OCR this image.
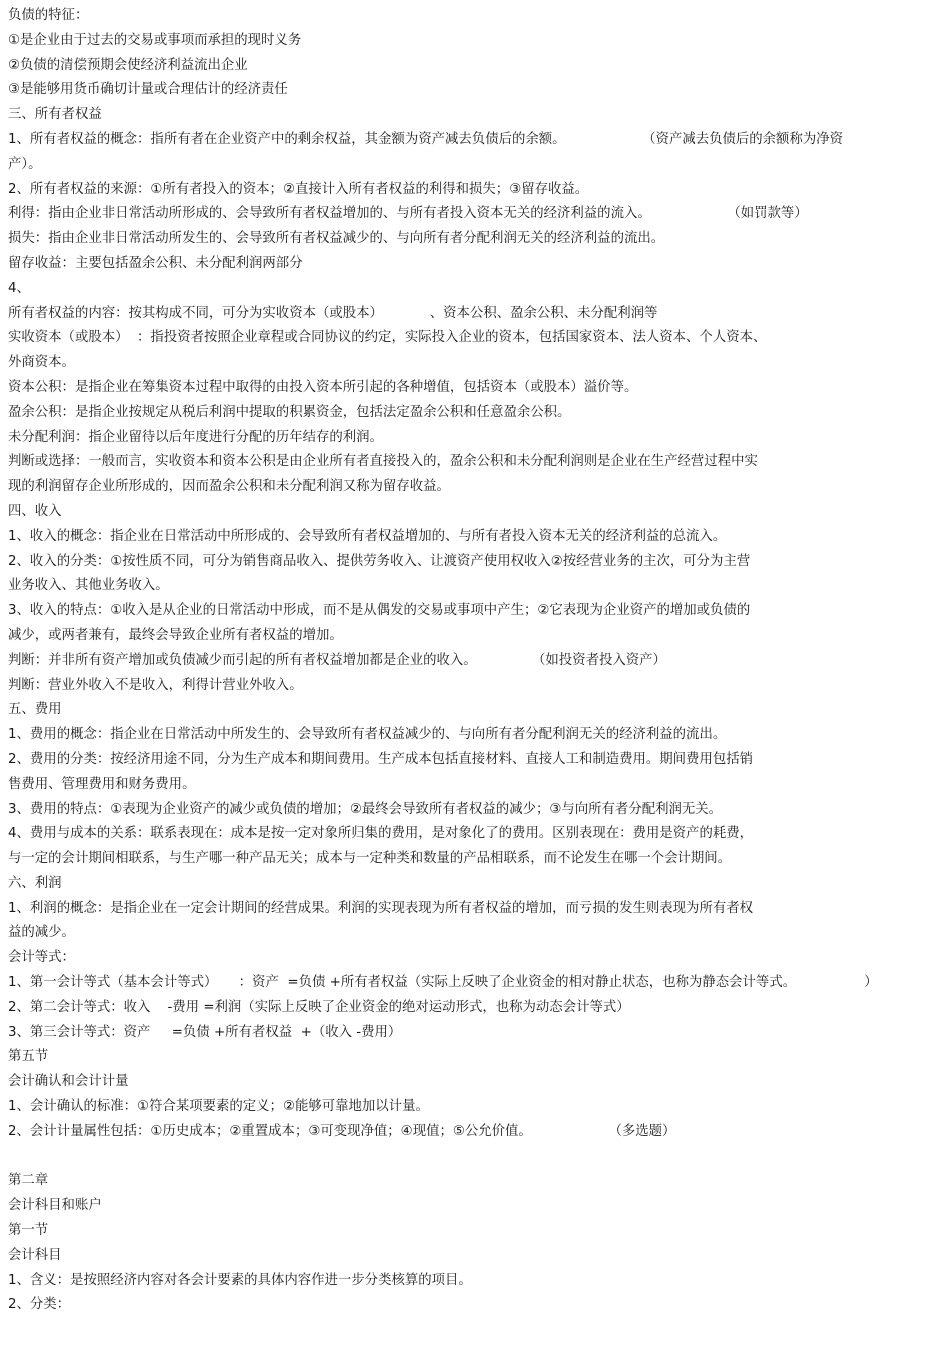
负债的特征：
①是企业由于过去的交易或事项而承担的现时义务
②负债的清偿预期会使经济利益流出企业
③是能够用货币确切计量或合理估计的经济责任
三、所有者权益
1、所有者权益的概念：指所有者在企业资产中的剩余权益，其金额为资产减去负债后的余额。                  （资产减去负债后的余额称为净资
产）。
2、所有者权益的来源：①所有者投入的资本；②直接计入所有者权益的利得和损失；③留存收益。
利得：指由企业非日常活动所形成的、会导致所有者权益增加的、与所有者投入资本无关的经济利益的流入。                  （如罚款等）
损失：指由企业非日常活动所发生的、会导致所有者权益减少的、与向所有者分配利润无关的经济利益的流出。
留存收益：主要包括盈余公积、未分配利润两部分
4、
所有者权益的内容：按其构成不同，可分为实收资本（或股本）           、资本公积、盈余公积、未分配利润等
实收资本（或股本）  ：指投资者按照企业章程或合同协议的约定，实际投入企业的资本，包括国家资本、法人资本、个人资本、
外商资本。
资本公积：是指企业在筹集资本过程中取得的由投入资本所引起的各种增值，包括资本（或股本）溢价等。
盈余公积：是指企业按规定从税后利润中提取的积累资金，包括法定盈余公积和任意盈余公积。
未分配利润：指企业留待以后年度进行分配的历年结存的利润。
判断或选择：一般而言，实收资本和资本公积是由企业所有者直接投入的，盈余公积和未分配利润则是企业在生产经营过程中实
现的利润留存企业所形成的，因而盈余公积和未分配利润又称为留存收益。
四、收入
1、收入的概念：指企业在日常活动中所形成的、会导致所有者权益增加的、与所有者投入资本无关的经济利益的总流入。
2、收入的分类：①按性质不同，可分为销售商品收入、提供劳务收入、让渡资产使用权收入②按经营业务的主次，可分为主营
业务收入、其他业务收入。
3、收入的特点：①收入是从企业的日常活动中形成，而不是从偶发的交易或事项中产生；②它表现为企业资产的增加或负债的
减少，或两者兼有，最终会导致企业所有者权益的增加。
判断：并非所有资产增加或负债减少而引起的所有者权益增加都是企业的收入。             （如投资者投入资产）
判断：营业外收入不是收入，利得计营业外收入。
五、费用
1、费用的概念：指企业在日常活动中所发生的、会导致所有者权益减少的、与向所有者分配利润无关的经济利益的流出。
2、费用的分类：按经济用途不同，分为生产成本和期间费用。生产成本包括直接材料、直接人工和制造费用。期间费用包括销
售费用、管理费用和财务费用。
3、费用的特点：①表现为企业资产的减少或负债的增加；②最终会导致所有者权益的减少；③与向所有者分配利润无关。
4、费用与成本的关系：联系表现在：成本是按一定对象所归集的费用，是对象化了的费用。区别表现在：费用是资产的耗费，
与一定的会计期间相联系，与生产哪一种产品无关；成本与一定种类和数量的产品相联系，而不论发生在哪一个会计期间。
六、利润
1、利润的概念：是指企业在一定会计期间的经营成果。利润的实现表现为所有者权益的增加，而亏损的发生则表现为所有者权
益的减少。
会计等式：
1、第一会计等式（基本会计等式）     ：资产  =负债 +所有者权益（实际上反映了企业资金的相对静止状态，也称为静态会计等式。                ）
2、第二会计等式：收入    -费用 =利润（实际上反映了企业资金的绝对运动形式，也称为动态会计等式）
3、第三会计等式：资产     =负债 +所有者权益  +（收入 -费用）
第五节
会计确认和会计计量
1、会计确认的标准：①符合某项要素的定义；②能够可靠地加以计量。
2、会计计量属性包括：①历史成本；②重置成本；③可变现净值；④现值；⑤公允价值。                  （多选题）
第二章
会计科目和账户
第一节
会计科目
1、含义：是按照经济内容对各会计要素的具体内容作进一步分类核算的项目。
2、分类：
